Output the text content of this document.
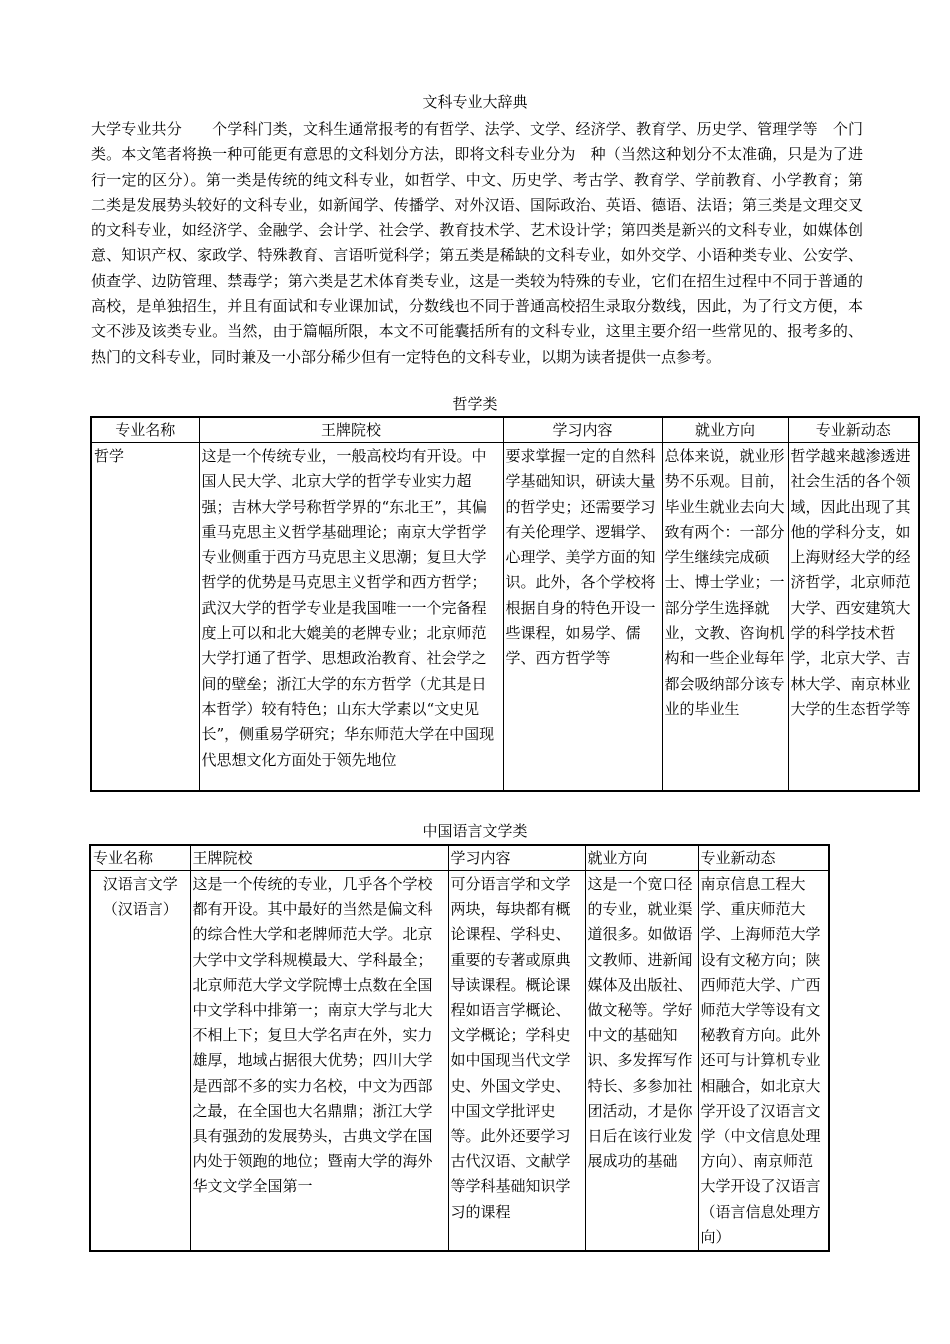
文科专业大辞典

大学专业共分　　个学科门类，文科生通常报考的有哲学、法学、文学、经济学、教育学、历史学、管理学等　个门类。本文笔者将换一种可能更有意思的文科划分方法，即将文科专业分为　种（当然这种划分不太准确，只是为了进行一定的区分）。第一类是传统的纯文科专业，如哲学、中文、历史学、考古学、教育学、学前教育、小学教育；第二类是发展势头较好的文科专业，如新闻学、传播学、对外汉语、国际政治、英语、德语、法语；第三类是文理交叉的文科专业，如经济学、金融学、会计学、社会学、教育技术学、艺术设计学；第四类是新兴的文科专业，如媒体创意、知识产权、家政学、特殊教育、言语听觉科学；第五类是稀缺的文科专业，如外交学、小语种类专业、公安学、侦查学、边防管理、禁毒学；第六类是艺术体育类专业，这是一类较为特殊的专业，它们在招生过程中不同于普通的高校，是单独招生，并且有面试和专业课加试，分数线也不同于普通高校招生录取分数线，因此，为了行文方便，本文不涉及该类专业。当然，由于篇幅所限，本文不可能囊括所有的文科专业，这里主要介绍一些常见的、报考多的、热门的文科专业，同时兼及一小部分稀少但有一定特色的文科专业，以期为读者提供一点参考。

哲学类
专业名称	王牌院校	学习内容	就业方向	专业新动态
哲学	这是一个传统专业，一般高校均有开设。中国人民大学、北京大学的哲学专业实力超强；吉林大学号称哲学界的“东北王”，其偏重马克思主义哲学基础理论；南京大学哲学专业侧重于西方马克思主义思潮；复旦大学哲学的优势是马克思主义哲学和西方哲学；武汉大学的哲学专业是我国唯一一个完备程度上可以和北大媲美的老牌专业；北京师范大学打通了哲学、思想政治教育、社会学之间的壁垒；浙江大学的东方哲学（尤其是日本哲学）较有特色；山东大学素以“文史见长”，侧重易学研究；华东师范大学在中国现代思想文化方面处于领先地位	要求掌握一定的自然科学基础知识，研读大量的哲学史；还需要学习有关伦理学、逻辑学、心理学、美学方面的知识。此外，各个学校将根据自身的特色开设一些课程，如易学、儒学、西方哲学等	总体来说，就业形势不乐观。目前，毕业生就业去向大致有两个：一部分学生继续完成硕士、博士学业；一部分学生选择就业，文教、咨询机构和一些企业每年都会吸纳部分该专业的毕业生	哲学越来越渗透进社会生活的各个领域，因此出现了其他的学科分支，如上海财经大学的经济哲学，北京师范大学、西安建筑大学的科学技术哲学，北京大学、吉林大学、南京林业大学的生态哲学等
中国语言文学类
专业名称	王牌院校	学习内容	就业方向	专业新动态
汉语言文学（汉语言）	这是一个传统的专业，几乎各个学校都有开设。其中最好的当然是偏文科的综合性大学和老牌师范大学。北京大学中文学科规模最大、学科最全；北京师范大学文学院博士点数在全国中文学科中排第一；南京大学与北大不相上下；复旦大学名声在外，实力雄厚，地域占据很大优势；四川大学是西部不多的实力名校，中文为西部之最，在全国也大名鼎鼎；浙江大学具有强劲的发展势头，古典文学在国内处于领跑的地位；暨南大学的海外华文文学全国第一	可分语言学和文学两块，每块都有概论课程、学科史、重要的专著或原典导读课程。概论课程如语言学概论、文学概论；学科史如中国现当代文学史、外国文学史、中国文学批评史等。此外还要学习古代汉语、文献学等学科基础知识学习的课程	这是一个宽口径的专业，就业渠道很多。如做语文教师、进新闻媒体及出版社、做文秘等。学好中文的基础知识、多发挥写作特长、多参加社团活动，才是你日后在该行业发展成功的基础	南京信息工程大学、重庆师范大学、上海师范大学设有文秘方向；陕西师范大学、广西师范大学等设有文秘教育方向。此外还可与计算机专业相融合，如北京大学开设了汉语言文学（中文信息处理方向）、南京师范大学开设了汉语言（语言信息处理方向）
